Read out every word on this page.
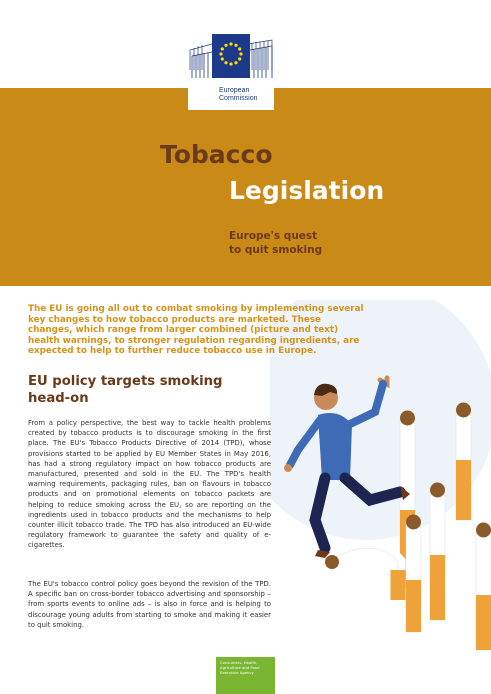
European
Commission
Tobacco
Legislation
Europe's quest
to quit smoking
The EU is going all out to combat smoking by implementing several key changes to how tobacco products are marketed. These changes, which range from larger combined (picture and text) health warnings, to stronger regulation regarding ingredients, are expected to help to further reduce tobacco use in Europe.
EU policy targets smoking
head-on
From a policy perspective, the best way to tackle health problems created by tobacco products is to discourage smoking in the first place. The EU's Tobacco Products Directive of 2014 (TPD), whose provisions started to be applied by EU Member States in May 2016, has had a strong regulatory impact on how tobacco products are manufactured, presented and sold in the EU. The TPD's health warning requirements, packaging rules, ban on flavours in tobacco products and on promotional elements on tobacco packets are helping to reduce smoking across the EU, so are reporting on the ingredients used in tobacco products and the mechanisms to help counter illicit tobacco trade. The TPD has also introduced an EU-wide regulatory framework to guarantee the safety and quality of e-cigarettes.
The EU's tobacco control policy goes beyond the revision of the TPD. A specific ban on cross-border tobacco advertising and sponsorship – from sports events to online ads – is also in force and is helping to discourage young adults from starting to smoke and making it easier to quit smoking.
Consumers, Health,
Agriculture and Food
Executive Agency
